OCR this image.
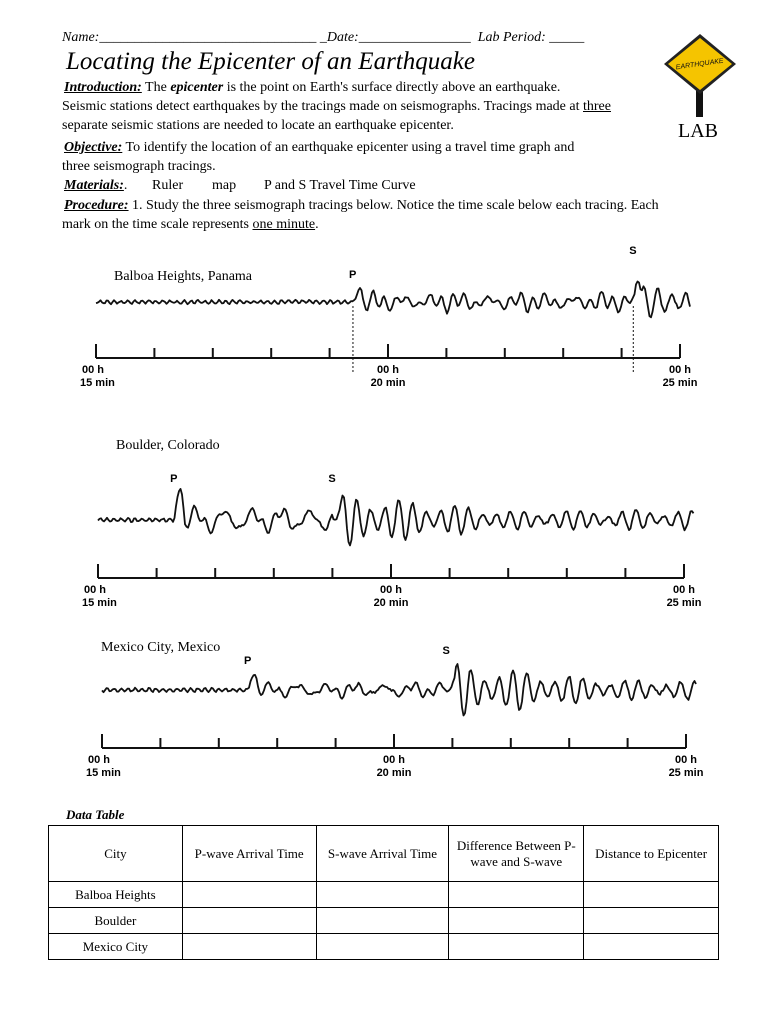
Name:_______________________________ _Date:________________ Lab Period: _____
Locating the Epicenter of an Earthquake	EARTHQUAKE
LAB
Introduction: The epicenter is the point on Earth's surface directly above an earthquake.
Seismic stations detect earthquakes by the tracings made on seismographs. Tracings made at three
separate seismic stations are needed to locate an earthquake epicenter.
Objective: To identify the location of an earthquake epicenter using a travel time graph and
three seismograph tracings.
Materials:. Ruler map P and S Travel Time Curve
Procedure: 1. Study the three seismograph tracings below. Notice the time scale below each tracing. Each
mark on the time scale represents one minute.
Balboa Heights, Panama	P
S
00 h
15 min
00 h
20 min
00 h
25 min
Boulder, Colorado
P	S
00 h
15 min
00 h
20 min
00 h
25 min
Mexico City, Mexico
P
S
00 h
15 min
00 h
20 min
00 h
25 min
Data Table
City	P-wave Arrival Time	S-wave Arrival Time	Difference Between P-wave and S-wave	Distance to Epicenter
Balboa Heights				
Boulder				
Mexico City				
